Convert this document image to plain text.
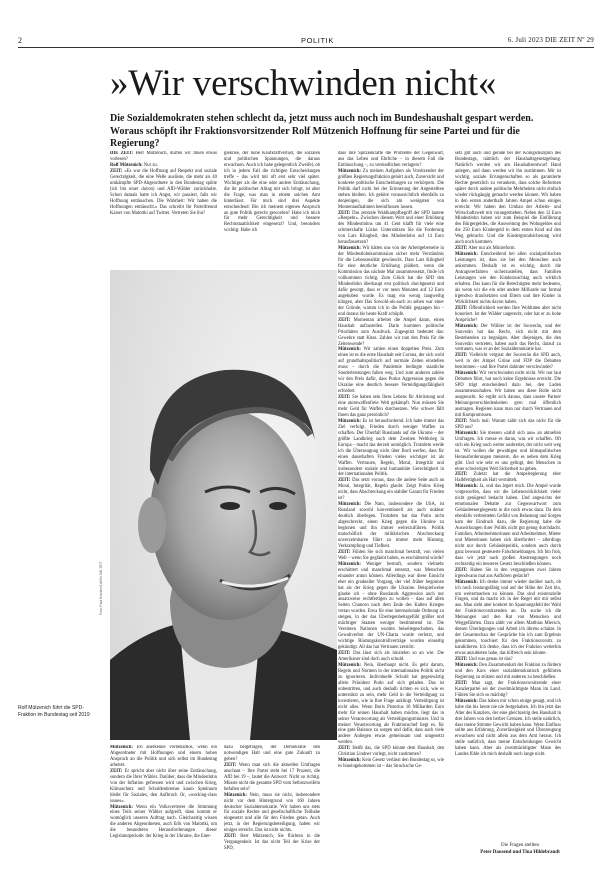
2	POLITIK	6. Juli 2023 DIE ZEIT Nº 29
»Wir verschwinden nicht«
Die Sozialdemokraten stehen schlecht da, jetzt muss auch noch im Bundeshaushalt gespart werden. Woraus schöpft ihr Fraktionsvorsitzender Rolf Mützenich Hoffnung für seine Partei und für die Regierung?

DIE ZEIT: Herr Mützenich, dürfen wir Ihnen etwas vorlesen?

Rolf Mützenich: Nur zu.

ZEIT: »Es war die Hoffnung auf Respekt und soziale Gerechtigkeit, die eine Welle auslöste, die mehr als 40 umkämpfte SPD-Abgeordnete in den Bundestag spülte (ich bin einer davon) und AfD-Wähler zurückholte. Schon damals hatte ich Angst, wir passiert, falls wir Hoffnung enttäuschen. Die Wahrheit: Wir haben die Hoffnungen enttäuscht.« Das schreibt Ihr Parteifreund Kaiser von Malottki auf Twitter. Vertreten Sie ihn?

giekrise, der hohe Kaufkraftverlust, die sozialen und politischen Spannungen, die daraus erwachsen. Auch ich habe gelegentlich Zweifel, ob ich in jedem Fall die richtigen Entscheidungen treffe – das wird mir oft erst sehr viel später. Wichtiger als die eine oder andere Enttäuschung, die ihr politischer Alltag mit sich bringt, ist aber die Frage, was man in einem solchen Amt hinterlässt. Für mich sind drei Aspekte entscheidend: Bin ich meinem eigenen Anspruch an gute Politik gerecht geworden? Habe ich mich für mehr Gerechtigkeit und bessere Rechtsstaatlichkeit eingesetzt? Und, besonders wichtig: Habe ich

dass ihre Spitzenkräfte die Probleme der Gegenwart, aus das Leben und Ehrliche – in diesem Fall die Enttäuschung –, zu verniedlichen verlagern?

Mützenich: Zu meinen Aufgaben als Vorsitzender der größten Regierungsfraktion gehört auch, Zuversicht und konkrete politische Entscheidungen zu verkörpern. Die Politik darf nicht bei der Erinnerung der Angestellten stehen bleiben. Ich gehöre voraussichtlich ebenfalls zu denjenigen, die sich am wenigsten von Momentaufnahmen beeinflussen lassen.

ZEIT: Das zentrale Wahlkampfbegriff der SPD lautete »Respekt«. Zwischen diesem Wort und einer Erhöhung des Mindestlohns um 41 Cent klafft für viele eine schmerzhafte Lücke. Unterstützen Sie die Forderung von Lars Klingbeil, den Mindestlohn auf 14 Euro heraufzusetzen?

Mützenich: Wir hätten uns von der Arbeitgeberseite in der Mindestlohnkommission sicher mehr Verständnis für die Lebensrealität gewünscht. Dass Lars Klingbeil für eine deutliche Erhöhung plädiert, wenn die Kommission das nächste Mal zusammensetzt, finde ich vollkommen richtig. Zum Glück hat die SPD den Mindestlohn überhaupt erst politisch durchgesetzt und dafür gesorgt, dass er vor neun Monaten auf 12 Euro angehoben wurde. Es mag ein wenig langweilig klingen, aber Das Sowohl-als-auch zu sehen war einer der Gründe, warum ich in die Politik gegangen bin – und daraus bis heute Kraft schöpfe.

ZEIT: Momentan arbeitet die Ampel daran, einen Haushalt aufzustellen. Darin kommen politische Prioritäten zum Ausdruck. Zugespitzt bedeutet das: Gewehre statt Kitas. Zahlen wir nun den Preis für die Zeitenwende?

Mützenich: Wir zahlen einen doppelten Preis. Zum einen ist es die erste Haushalt seit Corona, der sich wohl auf grundhaltspolitisch auf normale Zeiten einstellen muss – durch die Pandemie bedingte staatliche Sonderleistungen fallen weg. Und zum anderen zahlen wir den Preis dafür, dass Putins Aggression gegen die Ukraine eine deutlich bessere Verteidigungsfähigkeit erfordert.

ZEIT: Sie haben sein Ihres Lebens für Abrüstung und eine atomwaffenfreie Welt gekämpft. Nun müssen Sie mehr Geld für Waffen durchsetzen. Wie schwer fällt Ihnen das ganz persönlich?

Mützenich: Es ist herausfordernd. Ich habe immer das Ziel verfolgt, Frieden durch weniger Waffen zu schaffen. Der Überfall Russlands auf die Ukraine – der größte Landkrieg nach dem Zweiten Weltkrieg in Europa – macht das derzeit unmöglich. Trotzdem werde ich die Überzeugung nicht über Bord werfen, dass für einen dauerhaften Frieden vieles wichtiger ist als Waffen. Vertrauen, Regeln, Moral, Integrität und insbesondere soziale und humanitäre Gerechtigkeit in der internationalen Politik.

ZEIT: Das setzt voraus, dass die andere Seite auch an Moral, Integrität, Regeln glaubt. Zeigt Putins Krieg nicht, dass Abschreckung ein stabiler Garant für Frieden ist?

Mützenich: Die Nato, insbesondere die USA, ist Russland sowohl konventionell als auch nuklear deutlich überlegen. Trotzdem hat das Putin nicht abgeschreckt, einen Krieg gegen die Ukraine zu beginnen und ihn immer weiterzuführen. Politik mutschöllich der militärischen Abschreckung unverzeimbaren führt zu immer mehr Rüstung, Verkrampfung und Tiefheit.

ZEIT: Fühlen Sie sich manchmal bestraft, von vielen Welt – wenn Sie gegläubt haben, es erschütternd würde?

Mützenich: Weniger bestraft, sondern vielmehr erschüttert und manchmal entsetzt, was Menschen einander antun können. Allerdings war diese Einsicht eher ein gradueller Vorgang, der viel früher begonnen hat als der Krieg gegen die Ukraine. Beispielweise glaube ich – ohne Russlands Aggression auch nur ansatzweise rechtfertigen zu wollen – dass auf allen Seiten Chancen nach dem Ende des Kalten Krieges vertan wurden. Etwa für eine internationale Ordnung zu steigen, in der das Überlegenheitsgefühl größer und mächtiger Staaten weniger bestimmend ist. Die Vereinten Nationen wurden beiseitegeschoben, das Gewaltverbot der UN-Charta wurde verletzt, und wichtige Rüstungskontrollverträge wurden einseitig gekündigt. All das hat Vertrauen zerstört.

ZEIT: Das lässt sich als hinzielen so an wie: Die Amerikaner sind doch auch schuld.

Mützenich: Nein, überhaupt nicht. Es geht darum, Regeln und Normen in der internationalen Politik nicht zu ignorieren. Individuelle Schuld hat gegenwärtig allein Präsident Putin auf sich geladen. Das ist unbestritten, und auch deshalb richten es sich, wie es unterstützt zu sein, mehr Geld in die Verteidigung zu investieren, wie in Ihre Frage anklingt. Verteidigung ist nicht alles. Wenn Boris Pistorius 10 Milliarden Euro mehr für seinen Haushalt haben möchte, liegt das in seiner Verantwortung als Verteidigungsminister. Und in meiner Verantwortung als Fraktionschef liegt es, für eine gute Balance zu sorgen und dafür, dass auch viele andere Anliegen etwas gemeinsam und umgesetzt werden.

ZEIT: Heißt das, die SPD könnte dem Haushalt, den Christian Lindner vorlegt, nicht zustimmen?

Mützenich: Kein Gesetz verlässt den Bundestag so, wie es hineingekommen ist – das Strucksche Ge-

setz gilt auch und gerade bei der Königsdisziplin des Bundestags, nämlich der Haushaltsgesetzgebung. Natürlich werden wir am Haushaltsentwurf Hand anlegen, und dann werden wir ihn zustimmen. Mir ist wichtig, soziale Errungenschaften so als garantierte Rechte gesetzlich zu verankern, dass solche Reformen später durch andere politische Mehrheiten nicht einfach wieder rückgängig gemacht werden können. Wir haben in den ersten anderthalb Jahren Ampel schon einiges erreicht: Wir haben den Umbau der Arbeits- und Wirtschaftswelt mit vorangetrieben. Neben den 12 Euro Mindestlohn haben wir zum Beispiel die Einführung des Bürgergeldes, die Ausweitung des Wohngeldes und die 250 Euro Kindergeld in dem ersten Kind auf den Weg gebracht. Und die Kindergrundsicherung wird auch noch kommen.

ZEIT: Aber nur als Minireform.

Mützenich: Entscheidend bei allen sozialpolitischen Leistungen ist, dass sie bei den Menschen auch ankommen. Deshalb ist es wichtig, durch die Antragsverfahren sicherzustellen, dass Familien Leistungen wie den Kinderzuschlag auch wirklich erhalten. Das kann für die Berechtigten mehr bedeuten, als wenn wir die ein oder andere Milliarde nur formal irgendwo draufsetzten und Eltern und ihre Kinder in Wirklichkeit nichts davon haben.

ZEIT: Öffentlichkeit werden Ihre Wohltaten aber nicht honoriert. Ist der Wähler ungerecht, oder hat er zu hohe Ansprüche?

Mützenich: Der Wähler ist der Souverän, und der Souverän hat das Recht, sich nicht mit dem Bestehenden zu begnügen. Aber diejenigen, die den Souverän vertreten, haben auch das Recht, darauf zu vertrauen, was er an der Sozialdemokratie hat.

ZEIT: Vielleicht vergisst der Souverän die SPD auch, weil in der Ampel Grüne und FDP die Debatten bestimmen – und Ihre Partei dahinter verschwindet?

Mützenich: Wir verschwinden nicht nicht. Wir nur laut Debatten führt, hat noch keine Ergebnisse erreicht. Die SPD trägt entscheidend dazu bei, den Laden zusammenzuhalten. Wir haben uns diese Rolle nicht ausgesucht. So ergibt sich daraus, dass unsere Partner Meinungsverschiedenheiten gern mal öffentlich austragen. Regieren kann man nur durch Vertrauen und mit Kompromissen.

ZEIT: Noch mal: Warum zahlt sich das nicht für die SPD aus?

Mützenich: Sie messen »zahlt sich aus« an aktuellen Umfragen. Ich messe es daran, was wir schaffen. Oft sich ein Krieg noch weiter ausbreitet, der nicht weit weg ist. Wir wollen die gewaltigen und klimapolitischen Herausforderungen meistern, die es neben dem Krieg gibt. Und wie sehr es uns gelingt, den Menschen in einer schwierigen Welt Sicherheit zu geben.

ZEIT: Zuletzt hat die Ampelregierung eher Halbfertigkeit als Halt vermittelt.

Mützenich: Ja, und das ärgert mich. Die Ampel wurde vorgeworfen, dass wir die Lebenswirklichkeit vieler nicht genügend bedacht haben. Und angesichts der emotionalen Debatte zur Gegenwartwort zum Gebäudeenergiegesetz in die noch etwas dazu. Da dem ebenfalls verbreiteten Gefühl von Belastung und Sorgen kam der Eindruck dazu, die Regierung habe die Auswirkungen ihrer Politik nicht gut genug durchdacht. Familien, Arbeitnehmerinnen und Arbeitnehmer, Mieter und Mieterinnen haben sich überfordert – allerdings nicht nur durch Gebäudepolitik, sondern auch durch ganz bewusst gesteuerte Falschmeldungen. Ich bin froh, dass wir jetzt nach großen Anstrengungen noch rechtzeitig ein besseres Gesetz beschließen können.

ZEIT: Haben Sie in den vergangenen zwei Jahren irgendwann mal ans Aufhören gedacht?

Mützenich: Ich denke immer wieder darüber nach, ob ich noch leistungsfähig und auf der Höhe der Zeit bin, um weitermachen zu können. Das sind existenzielle Fragen, und da macht ich in der Regel mit mir selbst aus. Man sieht aber konkret im Spannungsfeld der Wahl der Fraktionsvorsitzenden an. Da suche ich die Meinungen und den Rat von Menschen und Weggefährten. Dazu zählt vor allem Matthias Miersch, dessen Überlegungen und Arbeit ich übrens schätze. In der Gesamtschau der Gespräche bin ich zum Ergebnis gekommen, touchiert für den Fraktionsvorsitz zu kandidieren. Ich denke, dass ich der Fraktion weiterhin etwas anzubieten habe, das hilfreich sein könnte.

ZEIT: Und was genau ist das?

Mützenich: Den Zusammenhalt der Fraktion zu fördern und den Kurs einer sozialdemokratisch geführten Regierung zu stützen und mit anderen zu beschließen.

ZEIT: Man sagt, der Fraktionsvorsitzende einer Kanzlerpartei sei der zweitmächtigste Mann im Land. Fühlen Sie sich so mächtig?

Mützenich: Das haben mir schon einige gesagt, und ich habe das bis heute nie nie festgehalten. Ich bin jetzt das Alter des Kanzlers, der eine gleichzeitig den Haushalt in drei Jahren von den herber Grenzen. Ich stelle natürlich, dass meine Stimme Gewicht haben kann. Wenn Einfluss sollte aus Erfahrung, Zuverlässigkeit und Überzeugung erwachsen und nicht allein aus dem Amt heraus. Ich stelle natürlich, dass meine Entscheidungen Gewicht haben kann. Aber als zweitmächtigster Mann des Landes fühle ich mich deshalb noch lange nicht.

Foto: Paul Kranzler/Laif für DIE ZEIT
Rolf Mützenich führt die SPD-Fraktion im Bundestag seit 2019

Mützenich: Ich anerkenne vorbehaltlos, wenn ein Abgeordneter mit Hoffnungen und einem hohen Anspruch an die Politik und sich selbst im Bundestag arbeitet.

ZEIT: Er spricht aber nicht über seine Enttäuschung, sondern die Ihrer Wähler. Darüber, dass die Mindestlohn von der Inflation gefressen wird und zwischen Krieg, Klimaschutz und Schuldenbremse kaum Spielraum bleibt für Soziales, den Aufbruch Or, »working-class issues«.

Mützenich: Wenn ein Volksvertreter die Stimmung eines Teils seiner Wähler aufgreift, dann kommt er womöglich unseren Auftrag nach. Gleichzeitig wissen die anderen Abgeordneten, auch Erik von Malottki, um die besonderen Herausforderungen dieser Legislaturperiode: der Krieg in der Ukraine, die Ener-

dazu beigetragen, der Demokratie den notwendigen Halt und eine gute Zukunft zu geben?

ZEIT: Wenn man sich die aktuellen Umfragen anschaut – Ihre Partei steht bei 17 Prozent, die AfD bei 19 –, lautet die Antwort: Nicht so richtig. Müsste nicht die gesamte SPD vom Selbstzweifeln befallen sein?

Mützenich: Nein, muss sie nicht, insbesondere nicht vor dem Hintergrund von 160 Jahren deutscher Sozialdemokratie. Wir haben uns stets für soziale Rechte und gesellschaftliche Teilhabe eingesetzt und alle für den Frieden getan. Auch jetzt, in der Regierungsbeteiligung, haben wir einiges erreicht. Das ist nicht nichts.

ZEIT: Herr Mützenich, Sie flüchten in die Vergangenheit. Ist das nicht Teil der Krise der SPD,

Die Fragen stellten
Peter Dausend und Tina Hildebrandt
